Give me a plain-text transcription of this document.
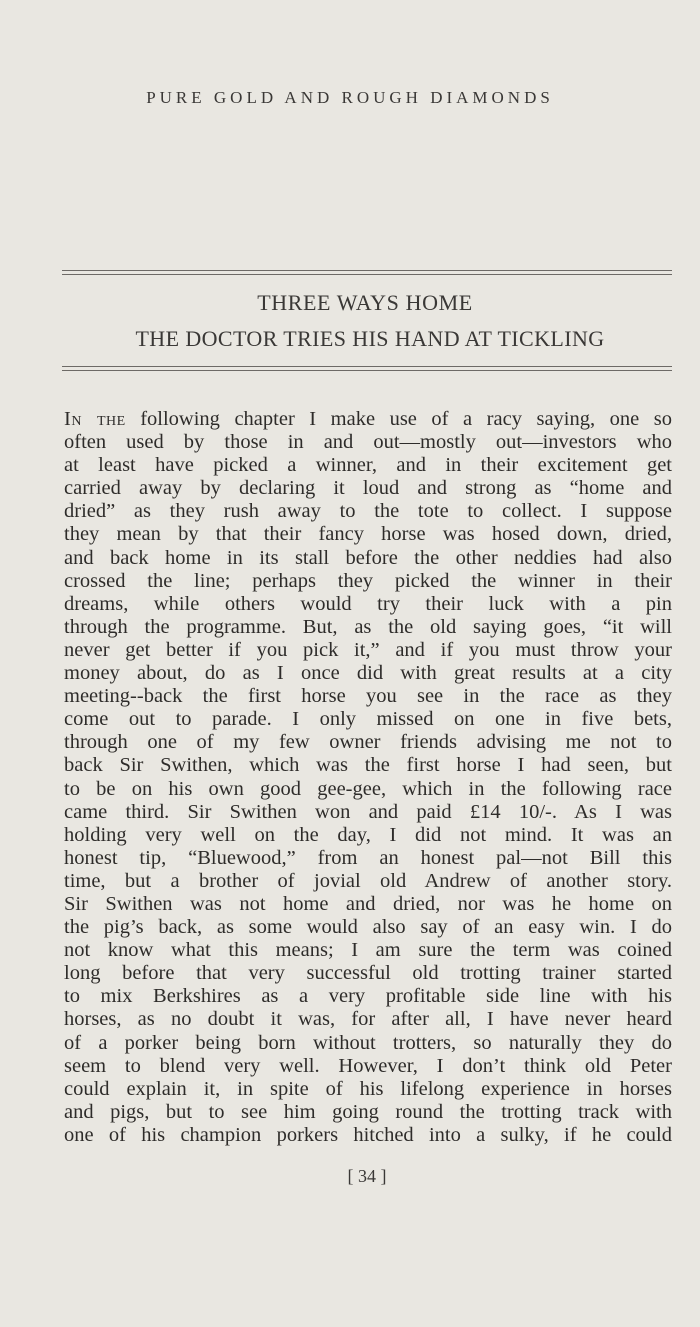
PURE GOLD AND ROUGH DIAMONDS
THREE WAYS HOME
THE DOCTOR TRIES HIS HAND AT TICKLING
In the following chapter I make use of a racy saying, one so
often used by those in and out—mostly out—investors who
at least have picked a winner, and in their excitement get
carried away by declaring it loud and strong as “home and
dried” as they rush away to the tote to collect. I suppose
they mean by that their fancy horse was hosed down, dried,
and back home in its stall before the other neddies had also
crossed the line; perhaps they picked the winner in their
dreams, while others would try their luck with a pin
through the programme. But, as the old saying goes, “it will
never get better if you pick it,” and if you must throw your
money about, do as I once did with great results at a city
meeting--back the first horse you see in the race as they
come out to parade. I only missed on one in five bets,
through one of my few owner friends advising me not to
back Sir Swithen, which was the first horse I had seen, but
to be on his own good gee-gee, which in the following race
came third. Sir Swithen won and paid £14 10/-. As I was
holding very well on the day, I did not mind. It was an
honest tip, “Bluewood,” from an honest pal—not Bill this
time, but a brother of jovial old Andrew of another story.
Sir Swithen was not home and dried, nor was he home on
the pig’s back, as some would also say of an easy win. I do
not know what this means; I am sure the term was coined
long before that very successful old trotting trainer started
to mix Berkshires as a very profitable side line with his
horses, as no doubt it was, for after all, I have never heard
of a porker being born without trotters, so naturally they do
seem to blend very well. However, I don’t think old Peter
could explain it, in spite of his lifelong experience in horses
and pigs, but to see him going round the trotting track with
one of his champion porkers hitched into a sulky, if he could
[ 34 ]
